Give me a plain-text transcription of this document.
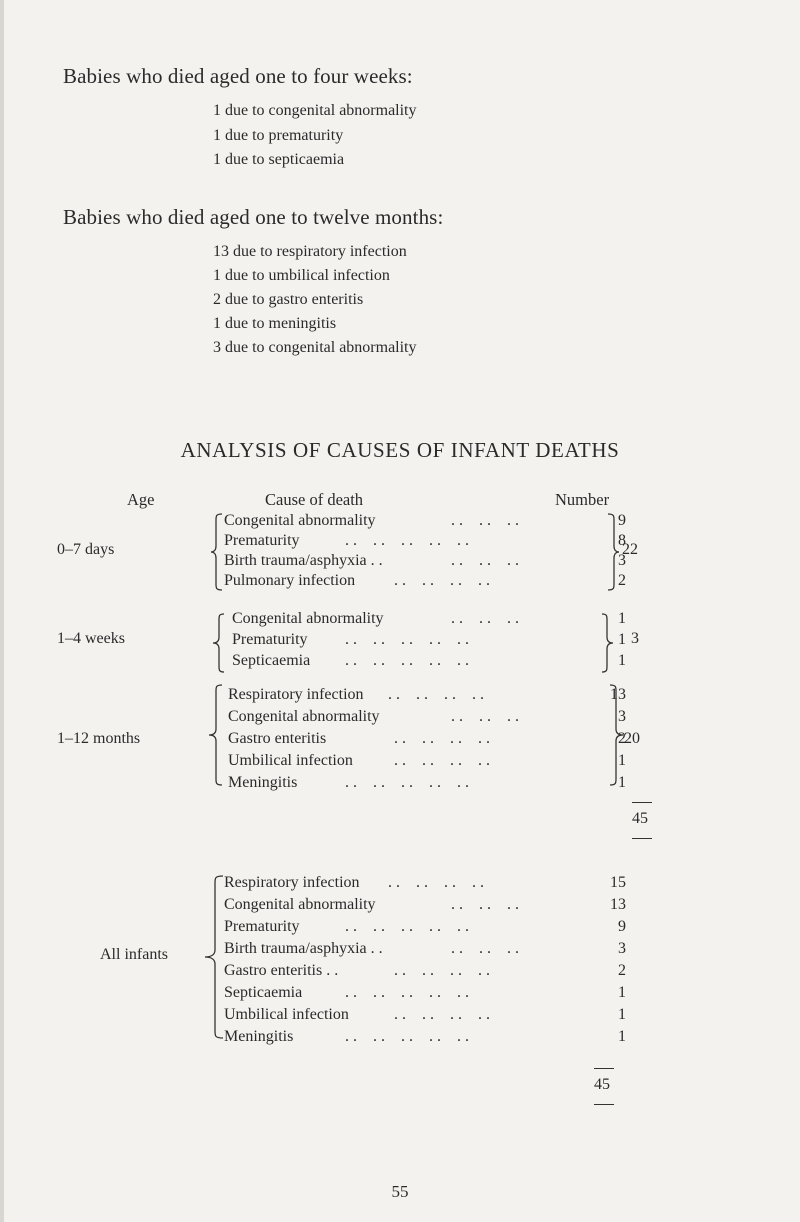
Babies who died aged one to four weeks:
1 due to congenital abnormality
1 due to prematurity
1 due to septicaemia
Babies who died aged one to twelve months:
13 due to respiratory infection
1 due to umbilical infection
2 due to gastro enteritis
1 due to meningitis
3 due to congenital abnormality
ANALYSIS OF CAUSES OF INFANT DEATHS
Age	Cause of death	Number
0–7 days
Congenital abnormality	. .    . .    . .	9
Prematurity	. .    . .    . .    . .    . .	8
Birth trauma/asphyxia . .	. .    . .    . .	3
Pulmonary infection . .    . .    . .    . .	2
22
1–4 weeks
Congenital abnormality	. .    . .    . .	1
Prematurity . .    . .    . .    . .    . .	1
Septicaemia . .    . .    . .    . .    . .	1
3
1–12 months
Respiratory infection . .    . .    . .    . .	13
Congenital abnormality	. .    . .    . .	3
Gastro enteritis	. .    . .    . .    . .	2
Umbilical infection	. .    . .    . .    . .	1
Meningitis	. .    . .    . .    . .    . .	1
20
45
All infants
Respiratory infection . .    . .    . .    . .	15
Congenital abnormality	. .    . .    . .	13
Prematurity	. .    . .    . .    . .    . .	9
Birth trauma/asphyxia . .	. .    . .    . .	3
Gastro enteritis . .	. .    . .    . .    . .	2
Septicaemia	. .    . .    . .    . .    . .	1
Umbilical infection	. .    . .    . .    . .	1
Meningitis	. .    . .    . .    . .    . .	1
45
55
